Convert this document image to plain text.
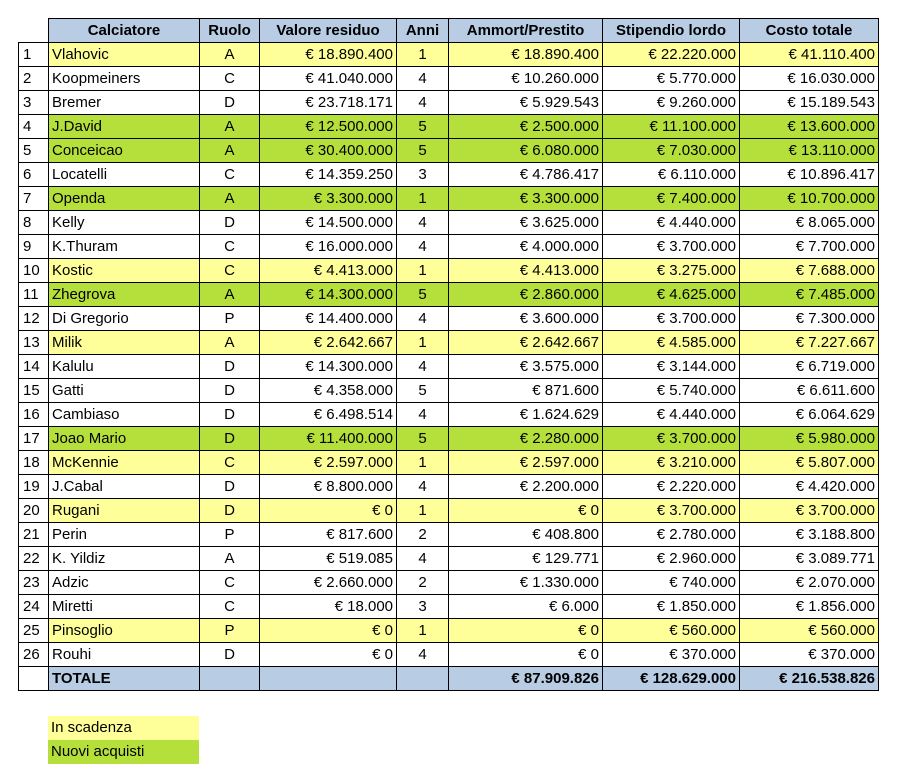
	Calciatore	Ruolo	Valore residuo	Anni	Ammort/Prestito	Stipendio lordo	Costo totale
1	Vlahovic	A	€ 18.890.400	1	€ 18.890.400	€ 22.220.000	€ 41.110.400
2	Koopmeiners	C	€ 41.040.000	4	€ 10.260.000	€ 5.770.000	€ 16.030.000
3	Bremer	D	€ 23.718.171	4	€ 5.929.543	€ 9.260.000	€ 15.189.543
4	J.David	A	€ 12.500.000	5	€ 2.500.000	€ 11.100.000	€ 13.600.000
5	Conceicao	A	€ 30.400.000	5	€ 6.080.000	€ 7.030.000	€ 13.110.000
6	Locatelli	C	€ 14.359.250	3	€ 4.786.417	€ 6.110.000	€ 10.896.417
7	Openda	A	€ 3.300.000	1	€ 3.300.000	€ 7.400.000	€ 10.700.000
8	Kelly	D	€ 14.500.000	4	€ 3.625.000	€ 4.440.000	€ 8.065.000
9	K.Thuram	C	€ 16.000.000	4	€ 4.000.000	€ 3.700.000	€ 7.700.000
10	Kostic	C	€ 4.413.000	1	€ 4.413.000	€ 3.275.000	€ 7.688.000
11	Zhegrova	A	€ 14.300.000	5	€ 2.860.000	€ 4.625.000	€ 7.485.000
12	Di Gregorio	P	€ 14.400.000	4	€ 3.600.000	€ 3.700.000	€ 7.300.000
13	Milik	A	€ 2.642.667	1	€ 2.642.667	€ 4.585.000	€ 7.227.667
14	Kalulu	D	€ 14.300.000	4	€ 3.575.000	€ 3.144.000	€ 6.719.000
15	Gatti	D	€ 4.358.000	5	€ 871.600	€ 5.740.000	€ 6.611.600
16	Cambiaso	D	€ 6.498.514	4	€ 1.624.629	€ 4.440.000	€ 6.064.629
17	Joao Mario	D	€ 11.400.000	5	€ 2.280.000	€ 3.700.000	€ 5.980.000
18	McKennie	C	€ 2.597.000	1	€ 2.597.000	€ 3.210.000	€ 5.807.000
19	J.Cabal	D	€ 8.800.000	4	€ 2.200.000	€ 2.220.000	€ 4.420.000
20	Rugani	D	€ 0	1	€ 0	€ 3.700.000	€ 3.700.000
21	Perin	P	€ 817.600	2	€ 408.800	€ 2.780.000	€ 3.188.800
22	K. Yildiz	A	€ 519.085	4	€ 129.771	€ 2.960.000	€ 3.089.771
23	Adzic	C	€ 2.660.000	2	€ 1.330.000	€ 740.000	€ 2.070.000
24	Miretti	C	€ 18.000	3	€ 6.000	€ 1.850.000	€ 1.856.000
25	Pinsoglio	P	€ 0	1	€ 0	€ 560.000	€ 560.000
26	Rouhi	D	€ 0	4	€ 0	€ 370.000	€ 370.000
	TOTALE				€ 87.909.826	€ 128.629.000	€ 216.538.826
In scadenza
Nuovi acquisti
